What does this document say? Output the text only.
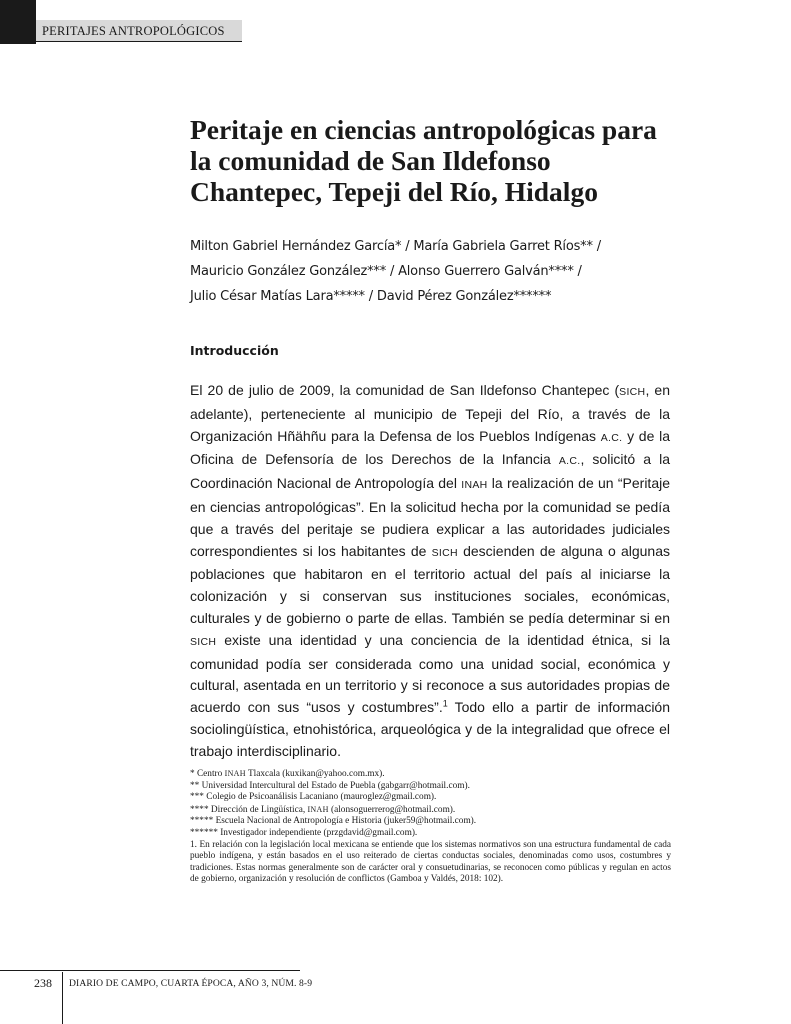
PERITAJES ANTROPOLÓGICOS
Peritaje en ciencias antropológicas para la comunidad de San Ildefonso Chantepec, Tepeji del Río, Hidalgo
Milton Gabriel Hernández García* / María Gabriela Garret Ríos** /
Mauricio González González*** / Alonso Guerrero Galván**** /
Julio César Matías Lara***** / David Pérez González******
Introducción

El 20 de julio de 2009, la comunidad de San Ildefonso Chantepec (SICH, en adelante), perteneciente al municipio de Tepeji del Río, a través de la Organización Hñähñu para la Defensa de los Pueblos Indígenas A.C. y de la Oficina de Defensoría de los Derechos de la Infancia A.C., solicitó a la Coordinación Nacional de Antropología del INAH la realización de un “Peritaje en ciencias antropológicas”. En la solicitud hecha por la comunidad se pedía que a través del peritaje se pudiera explicar a las autoridades judiciales correspondientes si los habitantes de SICH descienden de alguna o algunas poblaciones que habitaron en el territorio actual del país al iniciarse la colonización y si conservan sus instituciones sociales, económicas, culturales y de gobierno o parte de ellas. También se pedía determinar si en SICH existe una identidad y una conciencia de la identidad étnica, si la comunidad podía ser considerada como una unidad social, económica y cultural, asentada en un territorio y si reconoce a sus autoridades propias de acuerdo con sus “usos y costumbres”.$^1$ Todo ello a partir de información sociolingüística, etnohistórica, arqueológica y de la integralidad que ofrece el trabajo interdisciplinario.

* Centro INAH Tlaxcala (kuxikan@yahoo.com.mx).

** Universidad Intercultural del Estado de Puebla (gabgarr@hotmail.com).

*** Colegio de Psicoanálisis Lacaniano (mauroglez@gmail.com).

**** Dirección de Lingüística, INAH (alonsoguerrerog@hotmail.com).

***** Escuela Nacional de Antropología e Historia (juker59@hotmail.com).

****** Investigador independiente (przgdavid@gmail.com).

1. En relación con la legislación local mexicana se entiende que los sistemas normativos son una estructura fundamental de cada pueblo indígena, y están basados en el uso reiterado de ciertas conductas sociales, denominadas como usos, costumbres y tradiciones. Estas normas generalmente son de carácter oral y consuetudinarias, se reconocen como públicas y regulan en actos de gobierno, organización y resolución de conflictos (Gamboa y Valdés, 2018: 102).

238 DIARIO DE CAMPO, CUARTA ÉPOCA, AÑO 3, NÚM. 8-9
